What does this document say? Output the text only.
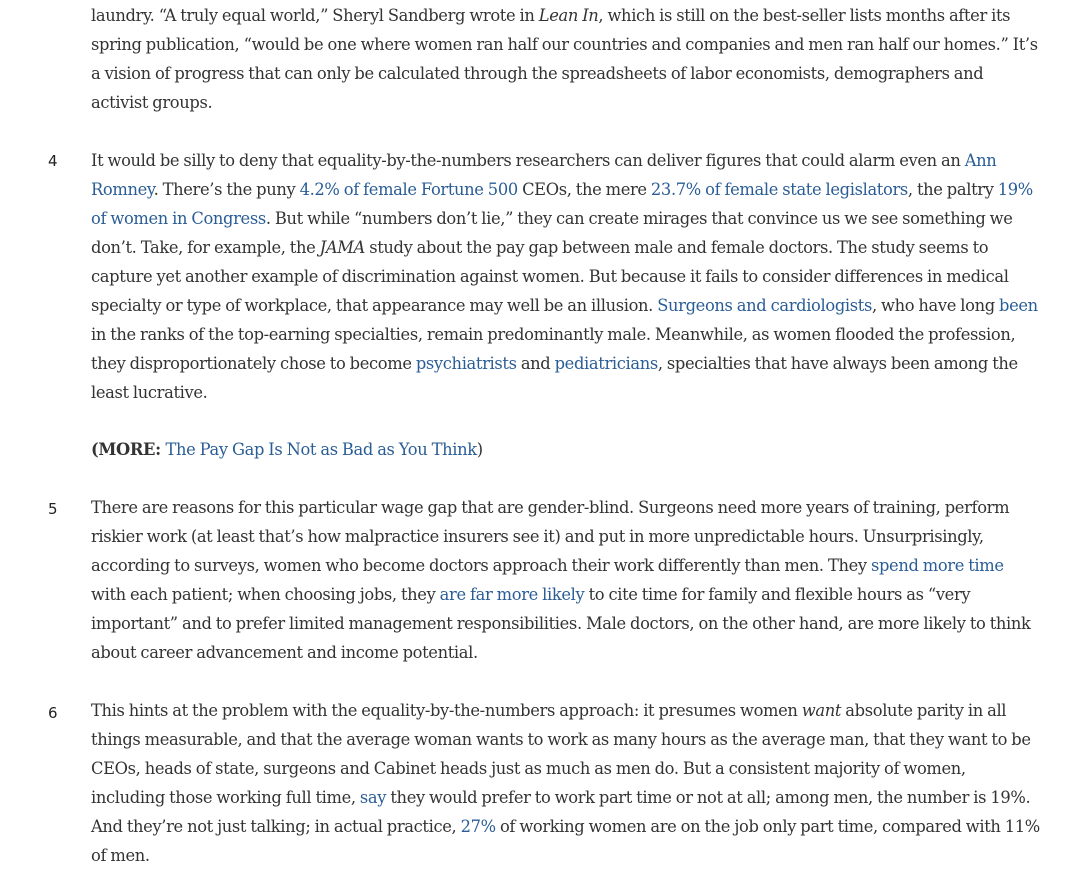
laundry. “A truly equal world,” Sheryl Sandberg wrote in Lean In, which is still on the best-seller lists months after its spring publication, “would be one where women ran half our countries and companies and men ran half our homes.” It’s a vision of progress that can only be calculated through the spreadsheets of labor economists, demographers and activist groups.

4 It would be silly to deny that equality-by-the-numbers researchers can deliver figures that could alarm even an Ann Romney. There’s the puny 4.2% of female Fortune 500 CEOs, the mere 23.7% of female state legislators, the paltry 19% of women in Congress. But while “numbers don’t lie,” they can create mirages that convince us we see something we don’t. Take, for example, the JAMA study about the pay gap between male and female doctors. The study seems to capture yet another example of discrimination against women. But because it fails to consider differences in medical specialty or type of workplace, that appearance may well be an illusion. Surgeons and cardiologists, who have long been in the ranks of the top-earning specialties, remain predominantly male. Meanwhile, as women flooded the profession, they disproportionately chose to become psychiatrists and pediatricians, specialties that have always been among the least lucrative.

(MORE: The Pay Gap Is Not as Bad as You Think)

5 There are reasons for this particular wage gap that are gender-blind. Surgeons need more years of training, perform riskier work (at least that’s how malpractice insurers see it) and put in more unpredictable hours. Unsurprisingly, according to surveys, women who become doctors approach their work differently than men. They spend more time with each patient; when choosing jobs, they are far more likely to cite time for family and flexible hours as “very important” and to prefer limited management responsibilities. Male doctors, on the other hand, are more likely to think about career advancement and income potential.

6 This hints at the problem with the equality-by-the-numbers approach: it presumes women want absolute parity in all things measurable, and that the average woman wants to work as many hours as the average man, that they want to be CEOs, heads of state, surgeons and Cabinet heads just as much as men do. But a consistent majority of women, including those working full time, say they would prefer to work part time or not at all; among men, the number is 19%. And they’re not just talking; in actual practice, 27% of working women are on the job only part time, compared with 11% of men.
